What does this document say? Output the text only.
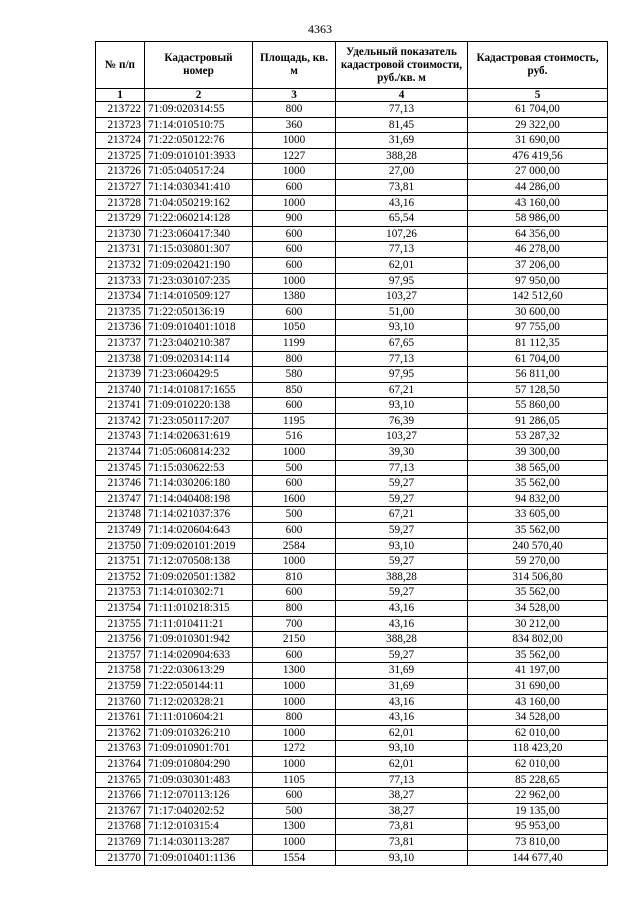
4363
№ п/п	Кадастровый номер	Площадь, кв. м	Удельный показатель кадастровой стоимости, руб./кв. м	Кадастровая стоимость, руб.
1	2	3	4	5
213722	71:09:020314:55	800	77,13	61 704,00
213723	71:14:010510:75	360	81,45	29 322,00
213724	71:22:050122:76	1000	31,69	31 690,00
213725	71:09:010101:3933	1227	388,28	476 419,56
213726	71:05:040517:24	1000	27,00	27 000,00
213727	71:14:030341:410	600	73,81	44 286,00
213728	71:04:050219:162	1000	43,16	43 160,00
213729	71:22:060214:128	900	65,54	58 986,00
213730	71:23:060417:340	600	107,26	64 356,00
213731	71:15:030801:307	600	77,13	46 278,00
213732	71:09:020421:190	600	62,01	37 206,00
213733	71:23:030107:235	1000	97,95	97 950,00
213734	71:14:010509:127	1380	103,27	142 512,60
213735	71:22:050136:19	600	51,00	30 600,00
213736	71:09:010401:1018	1050	93,10	97 755,00
213737	71:23:040210:387	1199	67,65	81 112,35
213738	71:09:020314:114	800	77,13	61 704,00
213739	71:23:060429:5	580	97,95	56 811,00
213740	71:14:010817:1655	850	67,21	57 128,50
213741	71:09:010220:138	600	93,10	55 860,00
213742	71:23:050117:207	1195	76,39	91 286,05
213743	71:14:020631:619	516	103,27	53 287,32
213744	71:05:060814:232	1000	39,30	39 300,00
213745	71:15:030622:53	500	77,13	38 565,00
213746	71:14:030206:180	600	59,27	35 562,00
213747	71:14:040408:198	1600	59,27	94 832,00
213748	71:14:021037:376	500	67,21	33 605,00
213749	71:14:020604:643	600	59,27	35 562,00
213750	71:09:020101:2019	2584	93,10	240 570,40
213751	71:12:070508:138	1000	59,27	59 270,00
213752	71:09:020501:1382	810	388,28	314 506,80
213753	71:14:010302:71	600	59,27	35 562,00
213754	71:11:010218:315	800	43,16	34 528,00
213755	71:11:010411:21	700	43,16	30 212,00
213756	71:09:010301:942	2150	388,28	834 802,00
213757	71:14:020904:633	600	59,27	35 562,00
213758	71:22:030613:29	1300	31,69	41 197,00
213759	71:22:050144:11	1000	31,69	31 690,00
213760	71:12:020328:21	1000	43,16	43 160,00
213761	71:11:010604:21	800	43,16	34 528,00
213762	71:09:010326:210	1000	62,01	62 010,00
213763	71:09:010901:701	1272	93,10	118 423,20
213764	71:09:010804:290	1000	62,01	62 010,00
213765	71:09:030301:483	1105	77,13	85 228,65
213766	71:12:070113:126	600	38,27	22 962,00
213767	71:17:040202:52	500	38,27	19 135,00
213768	71:12:010315:4	1300	73,81	95 953,00
213769	71:14:030113:287	1000	73,81	73 810,00
213770	71:09:010401:1136	1554	93,10	144 677,40
